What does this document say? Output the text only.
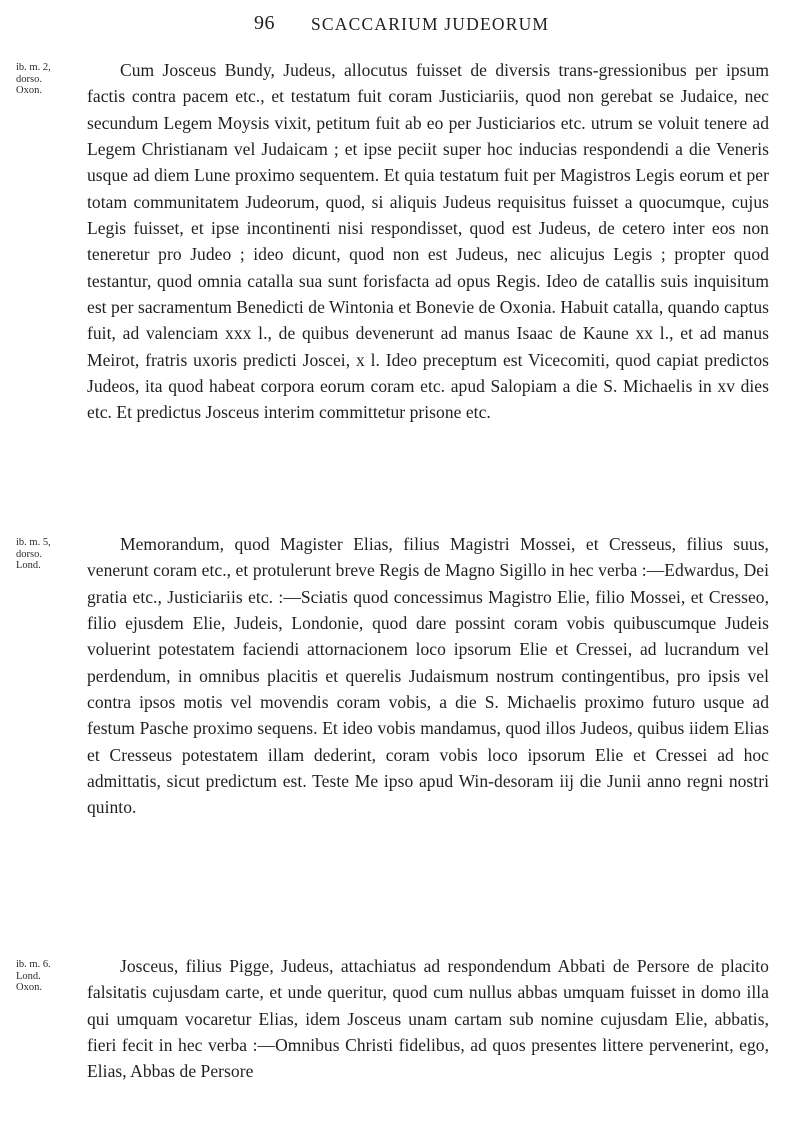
96 SCACCARIUM JUDEORUM
ib. m. 2,
dorso.
Oxon.

Cum Josceus Bundy, Judeus, allocutus fuisset de diversis trans-gressionibus per ipsum factis contra pacem etc., et testatum fuit coram Justiciariis, quod non gerebat se Judaice, nec secundum Legem Moysis vixit, petitum fuit ab eo per Justiciarios etc. utrum se voluit tenere ad Legem Christianam vel Judaicam ; et ipse peciit super hoc inducias respondendi a die Veneris usque ad diem Lune proximo sequentem. Et quia testatum fuit per Magistros Legis eorum et per totam communitatem Judeorum, quod, si aliquis Judeus requisitus fuisset a quocumque, cujus Legis fuisset, et ipse incontinenti nisi respondisset, quod est Judeus, de cetero inter eos non teneretur pro Judeo ; ideo dicunt, quod non est Judeus, nec alicujus Legis ; propter quod testantur, quod omnia catalla sua sunt forisfacta ad opus Regis. Ideo de catallis suis inquisitum est per sacramentum Benedicti de Wintonia et Bonevie de Oxonia. Habuit catalla, quando captus fuit, ad valenciam xxx l., de quibus devenerunt ad manus Isaac de Kaune xx l., et ad manus Meirot, fratris uxoris predicti Joscei, x l. Ideo preceptum est Vicecomiti, quod capiat predictos Judeos, ita quod habeat corpora eorum coram etc. apud Salopiam a die S. Michaelis in xv dies etc. Et predictus Josceus interim committetur prisone etc.

ib. m. 5,
dorso.
Lond.

Memorandum, quod Magister Elias, filius Magistri Mossei, et Cresseus, filius suus, venerunt coram etc., et protulerunt breve Regis de Magno Sigillo in hec verba :—Edwardus, Dei gratia etc., Justiciariis etc. :—Sciatis quod concessimus Magistro Elie, filio Mossei, et Cresseo, filio ejusdem Elie, Judeis, Londonie, quod dare possint coram vobis quibuscumque Judeis voluerint potestatem faciendi attornacionem loco ipsorum Elie et Cressei, ad lucrandum vel perdendum, in omnibus placitis et querelis Judaismum nostrum contingentibus, pro ipsis vel contra ipsos motis vel movendis coram vobis, a die S. Michaelis proximo futuro usque ad festum Pasche proximo sequens. Et ideo vobis mandamus, quod illos Judeos, quibus iidem Elias et Cresseus potestatem illam dederint, coram vobis loco ipsorum Elie et Cressei ad hoc admittatis, sicut predictum est. Teste Me ipso apud Win-desoram iij die Junii anno regni nostri quinto.

ib. m. 6.
Lond.
Oxon.

Josceus, filius Pigge, Judeus, attachiatus ad respondendum Abbati de Persore de placito falsitatis cujusdam carte, et unde queritur, quod cum nullus abbas umquam fuisset in domo illa qui umquam vocaretur Elias, idem Josceus unam cartam sub nomine cujusdam Elie, abbatis, fieri fecit in hec verba :—Omnibus Christi fidelibus, ad quos presentes littere pervenerint, ego, Elias, Abbas de Persore
